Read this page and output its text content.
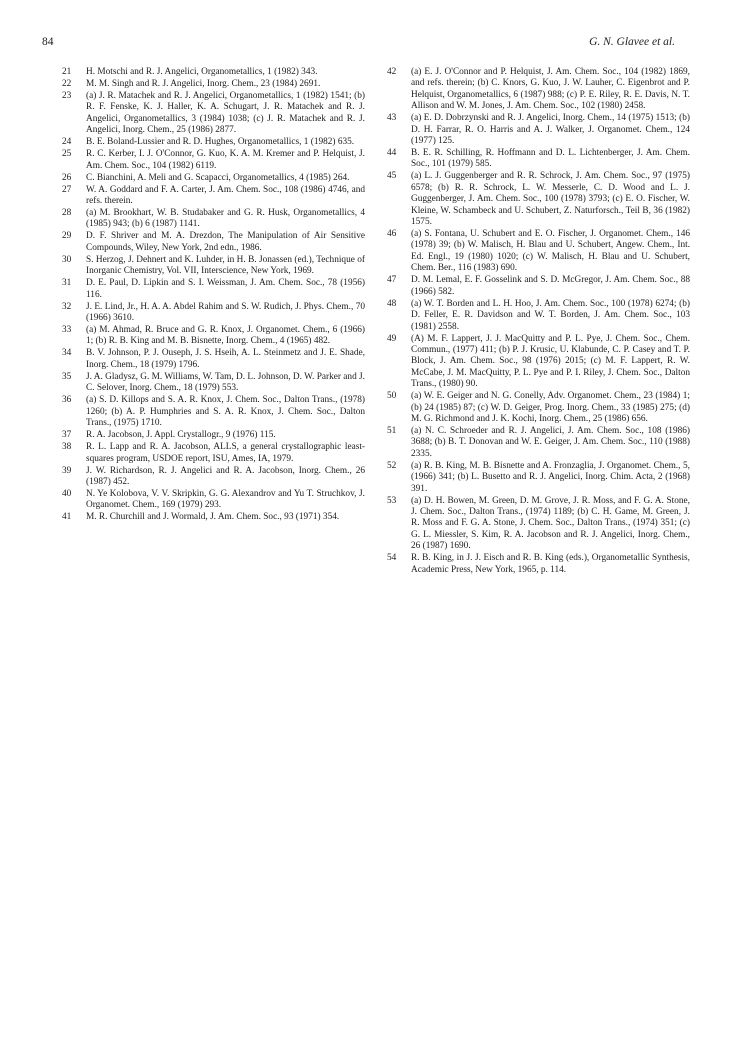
84	G. N. Glavee et al.
21	H. Motschi and R. J. Angelici, Organometallics, 1 (1982) 343.
22	M. M. Singh and R. J. Angelici, Inorg. Chem., 23 (1984) 2691.
23	(a) J. R. Matachek and R. J. Angelici, Organometallics, 1 (1982) 1541; (b) R. F. Fenske, K. J. Haller, K. A. Schugart, J. R. Matachek and R. J. Angelici, Organometallics, 3 (1984) 1038; (c) J. R. Matachek and R. J. Angelici, Inorg. Chem., 25 (1986) 2877.
24	B. E. Boland-Lussier and R. D. Hughes, Organometallics, 1 (1982) 635.
25	R. C. Kerber, I. J. O'Connor, G. Kuo, K. A. M. Kremer and P. Helquist, J. Am. Chem. Soc., 104 (1982) 6119.
26	C. Bianchini, A. Meli and G. Scapacci, Organometallics, 4 (1985) 264.
27	W. A. Goddard and F. A. Carter, J. Am. Chem. Soc., 108 (1986) 4746, and refs. therein.
28	(a) M. Brookhart, W. B. Studabaker and G. R. Husk, Organometallics, 4 (1985) 943; (b) 6 (1987) 1141.
29	D. F. Shriver and M. A. Drezdon, The Manipulation of Air Sensitive Compounds, Wiley, New York, 2nd edn., 1986.
30	S. Herzog, J. Dehnert and K. Luhder, in H. B. Jonassen (ed.), Technique of Inorganic Chemistry, Vol. VII, Interscience, New York, 1969.
31	D. E. Paul, D. Lipkin and S. I. Weissman, J. Am. Chem. Soc., 78 (1956) 116.
32	J. E. Lind, Jr., H. A. A. Abdel Rahim and S. W. Rudich, J. Phys. Chem., 70 (1966) 3610.
33	(a) M. Ahmad, R. Bruce and G. R. Knox, J. Organomet. Chem., 6 (1966) 1; (b) R. B. King and M. B. Bisnette, Inorg. Chem., 4 (1965) 482.
34	B. V. Johnson, P. J. Ouseph, J. S. Hseih, A. L. Steinmetz and J. E. Shade, Inorg. Chem., 18 (1979) 1796.
35	J. A. Gladysz, G. M. Williams, W. Tam, D. L. Johnson, D. W. Parker and J. C. Selover, Inorg. Chem., 18 (1979) 553.
36	(a) S. D. Killops and S. A. R. Knox, J. Chem. Soc., Dalton Trans., (1978) 1260; (b) A. P. Humphries and S. A. R. Knox, J. Chem. Soc., Dalton Trans., (1975) 1710.
37	R. A. Jacobson, J. Appl. Crystallogr., 9 (1976) 115.
38	R. L. Lapp and R. A. Jacobson, ALLS, a general crystallographic least-squares program, USDOE report, ISU, Ames, IA, 1979.
39	J. W. Richardson, R. J. Angelici and R. A. Jacobson, Inorg. Chem., 26 (1987) 452.
40	N. Ye Kolobova, V. V. Skripkin, G. G. Alexandrov and Yu T. Struchkov, J. Organomet. Chem., 169 (1979) 293.
41	M. R. Churchill and J. Wormald, J. Am. Chem. Soc., 93 (1971) 354.
42	(a) E. J. O'Connor and P. Helquist, J. Am. Chem. Soc., 104 (1982) 1869, and refs. therein; (b) C. Knors, G. Kuo, J. W. Lauher, C. Eigenbrot and P. Helquist, Organometallics, 6 (1987) 988; (c) P. E. Riley, R. E. Davis, N. T. Allison and W. M. Jones, J. Am. Chem. Soc., 102 (1980) 2458.
43	(a) E. D. Dobrzynski and R. J. Angelici, Inorg. Chem., 14 (1975) 1513; (b) D. H. Farrar, R. O. Harris and A. J. Walker, J. Organomet. Chem., 124 (1977) 125.
44	B. E. R. Schilling, R. Hoffmann and D. L. Lichtenberger, J. Am. Chem. Soc., 101 (1979) 585.
45	(a) L. J. Guggenberger and R. R. Schrock, J. Am. Chem. Soc., 97 (1975) 6578; (b) R. R. Schrock, L. W. Messerle, C. D. Wood and L. J. Guggenberger, J. Am. Chem. Soc., 100 (1978) 3793; (c) E. O. Fischer, W. Kleine, W. Schambeck and U. Schubert, Z. Naturforsch., Teil B, 36 (1982) 1575.
46	(a) S. Fontana, U. Schubert and E. O. Fischer, J. Organomet. Chem., 146 (1978) 39; (b) W. Malisch, H. Blau and U. Schubert, Angew. Chem., Int. Ed. Engl., 19 (1980) 1020; (c) W. Malisch, H. Blau and U. Schubert, Chem. Ber., 116 (1983) 690.
47	D. M. Lemal, E. F. Gosselink and S. D. McGregor, J. Am. Chem. Soc., 88 (1966) 582.
48	(a) W. T. Borden and L. H. Hoo, J. Am. Chem. Soc., 100 (1978) 6274; (b) D. Feller, E. R. Davidson and W. T. Borden, J. Am. Chem. Soc., 103 (1981) 2558.
49	(A) M. F. Lappert, J. J. MacQuitty and P. L. Pye, J. Chem. Soc., Chem. Commun., (1977) 411; (b) P. J. Krusic, U. Klabunde, C. P. Casey and T. P. Block, J. Am. Chem. Soc., 98 (1976) 2015; (c) M. F. Lappert, R. W. McCabe, J. M. MacQuitty, P. L. Pye and P. I. Riley, J. Chem. Soc., Dalton Trans., (1980) 90.
50	(a) W. E. Geiger and N. G. Conelly, Adv. Organomet. Chem., 23 (1984) 1; (b) 24 (1985) 87; (c) W. D. Geiger, Prog. Inorg. Chem., 33 (1985) 275; (d) M. G. Richmond and J. K. Kochi, Inorg. Chem., 25 (1986) 656.
51	(a) N. C. Schroeder and R. J. Angelici, J. Am. Chem. Soc., 108 (1986) 3688; (b) B. T. Donovan and W. E. Geiger, J. Am. Chem. Soc., 110 (1988) 2335.
52	(a) R. B. King, M. B. Bisnette and A. Fronzaglia, J. Organomet. Chem., 5, (1966) 341; (b) L. Busetto and R. J. Angelici, Inorg. Chim. Acta, 2 (1968) 391.
53	(a) D. H. Bowen, M. Green, D. M. Grove, J. R. Moss, and F. G. A. Stone, J. Chem. Soc., Dalton Trans., (1974) 1189; (b) C. H. Game, M. Green, J. R. Moss and F. G. A. Stone, J. Chem. Soc., Dalton Trans., (1974) 351; (c) G. L. Miessler, S. Kim, R. A. Jacobson and R. J. Angelici, Inorg. Chem., 26 (1987) 1690.
54	R. B. King, in J. J. Eisch and R. B. King (eds.), Organometallic Synthesis, Academic Press, New York, 1965, p. 114.
